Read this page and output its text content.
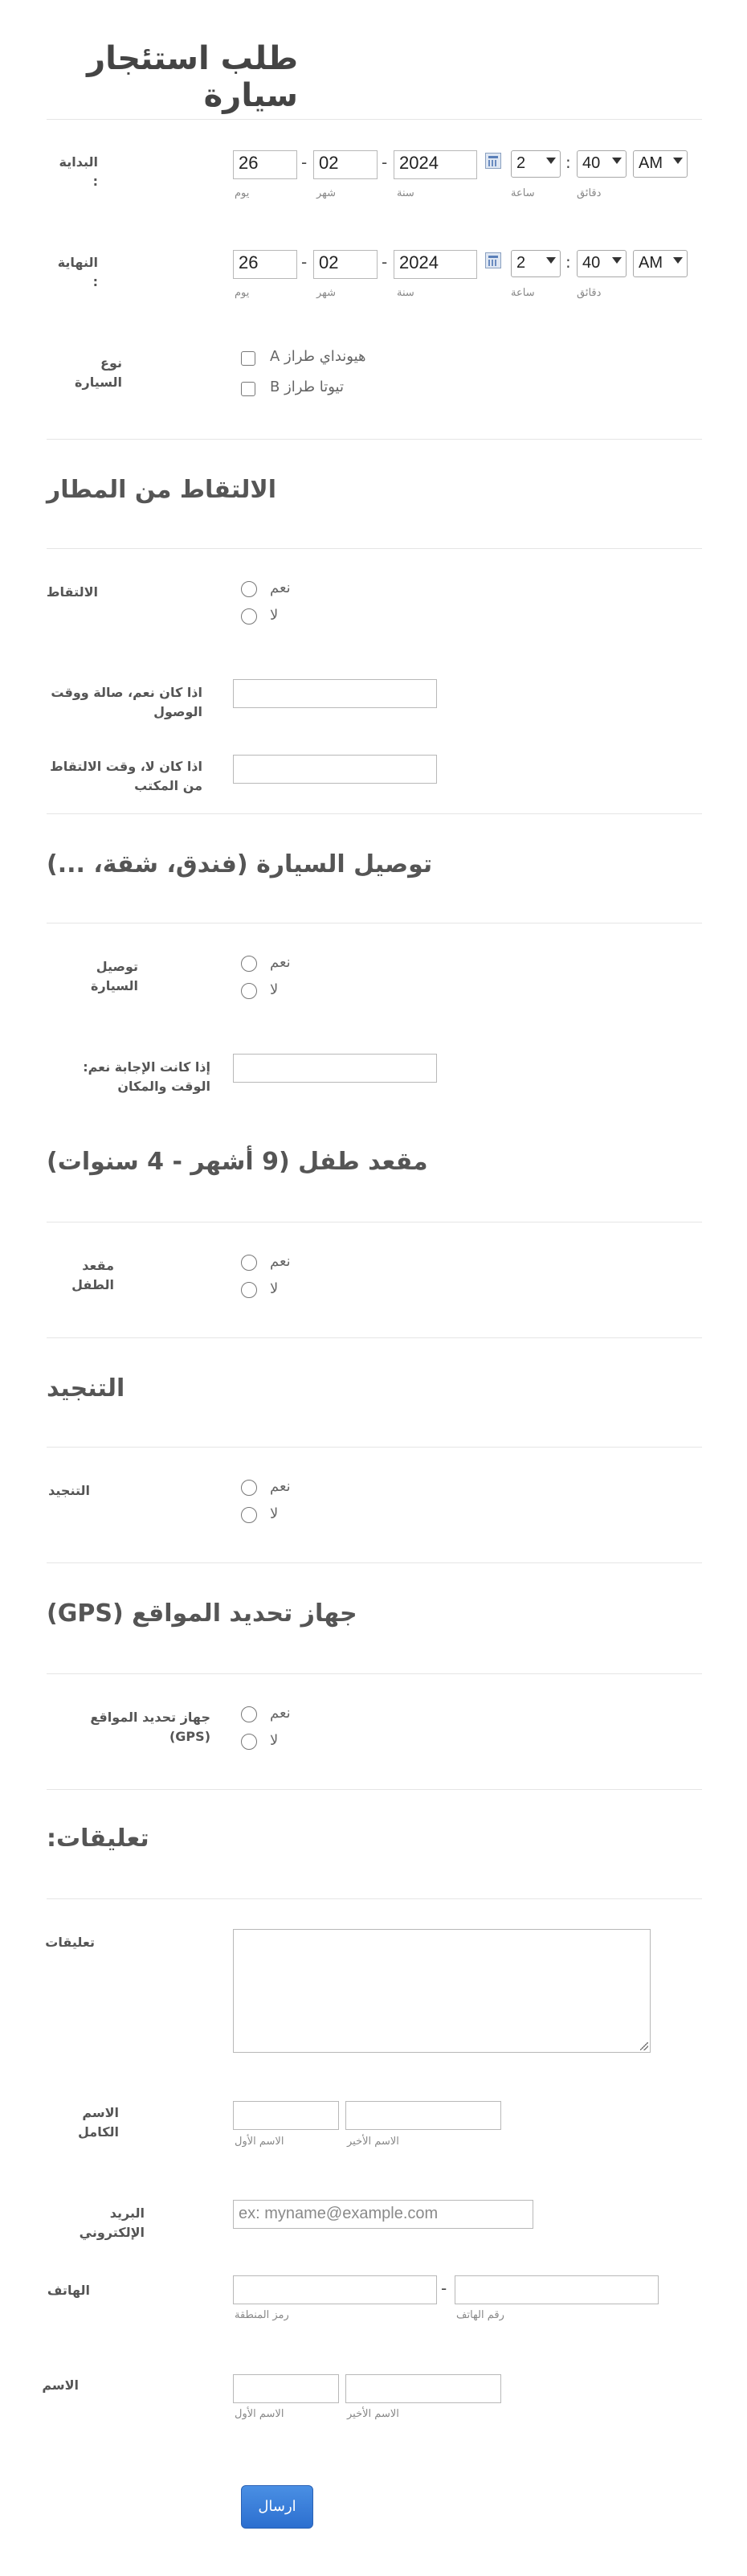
طلب استئجار سيارة
البداية :
26	- 02	- 2024	2	: 40	AM
يوم	شهر	سنة	ساعة	دقائق
النهاية :
26	- 02	- 2024	2	: 40	AM
يوم	شهر	سنة	ساعة	دقائق
نوع السيارة
هيونداي طراز A
تيوتا طراز B
الالتقاط من المطار
الالتقاط	نعم
لا
اذا كان نعم، صالة ووقت الوصول
اذا كان لا، وقت الالتقاط من المكتب
توصيل السيارة (فندق، شقة، ...)
توصيل السيارة
نعم
لا
إذا كانت الإجابة نعم: الوقت والمكان
مقعد طفل (9 أشهر - 4 سنوات)
مقعد الطفل
نعم
لا
التنجيد
التنجيد	نعم
لا
جهاز تحديد المواقع (GPS)
جهاز تحديد المواقع (GPS)
نعم
لا
تعليقات:
تعليقات
الاسم الكامل
الاسم الأول	الاسم الأخير
البريد الإلكتروني
ex: myname@example.com
الهاتف	-
رمز المنطقة	رقم الهاتف
الاسم
الاسم الأول	الاسم الأخير
ارسال
